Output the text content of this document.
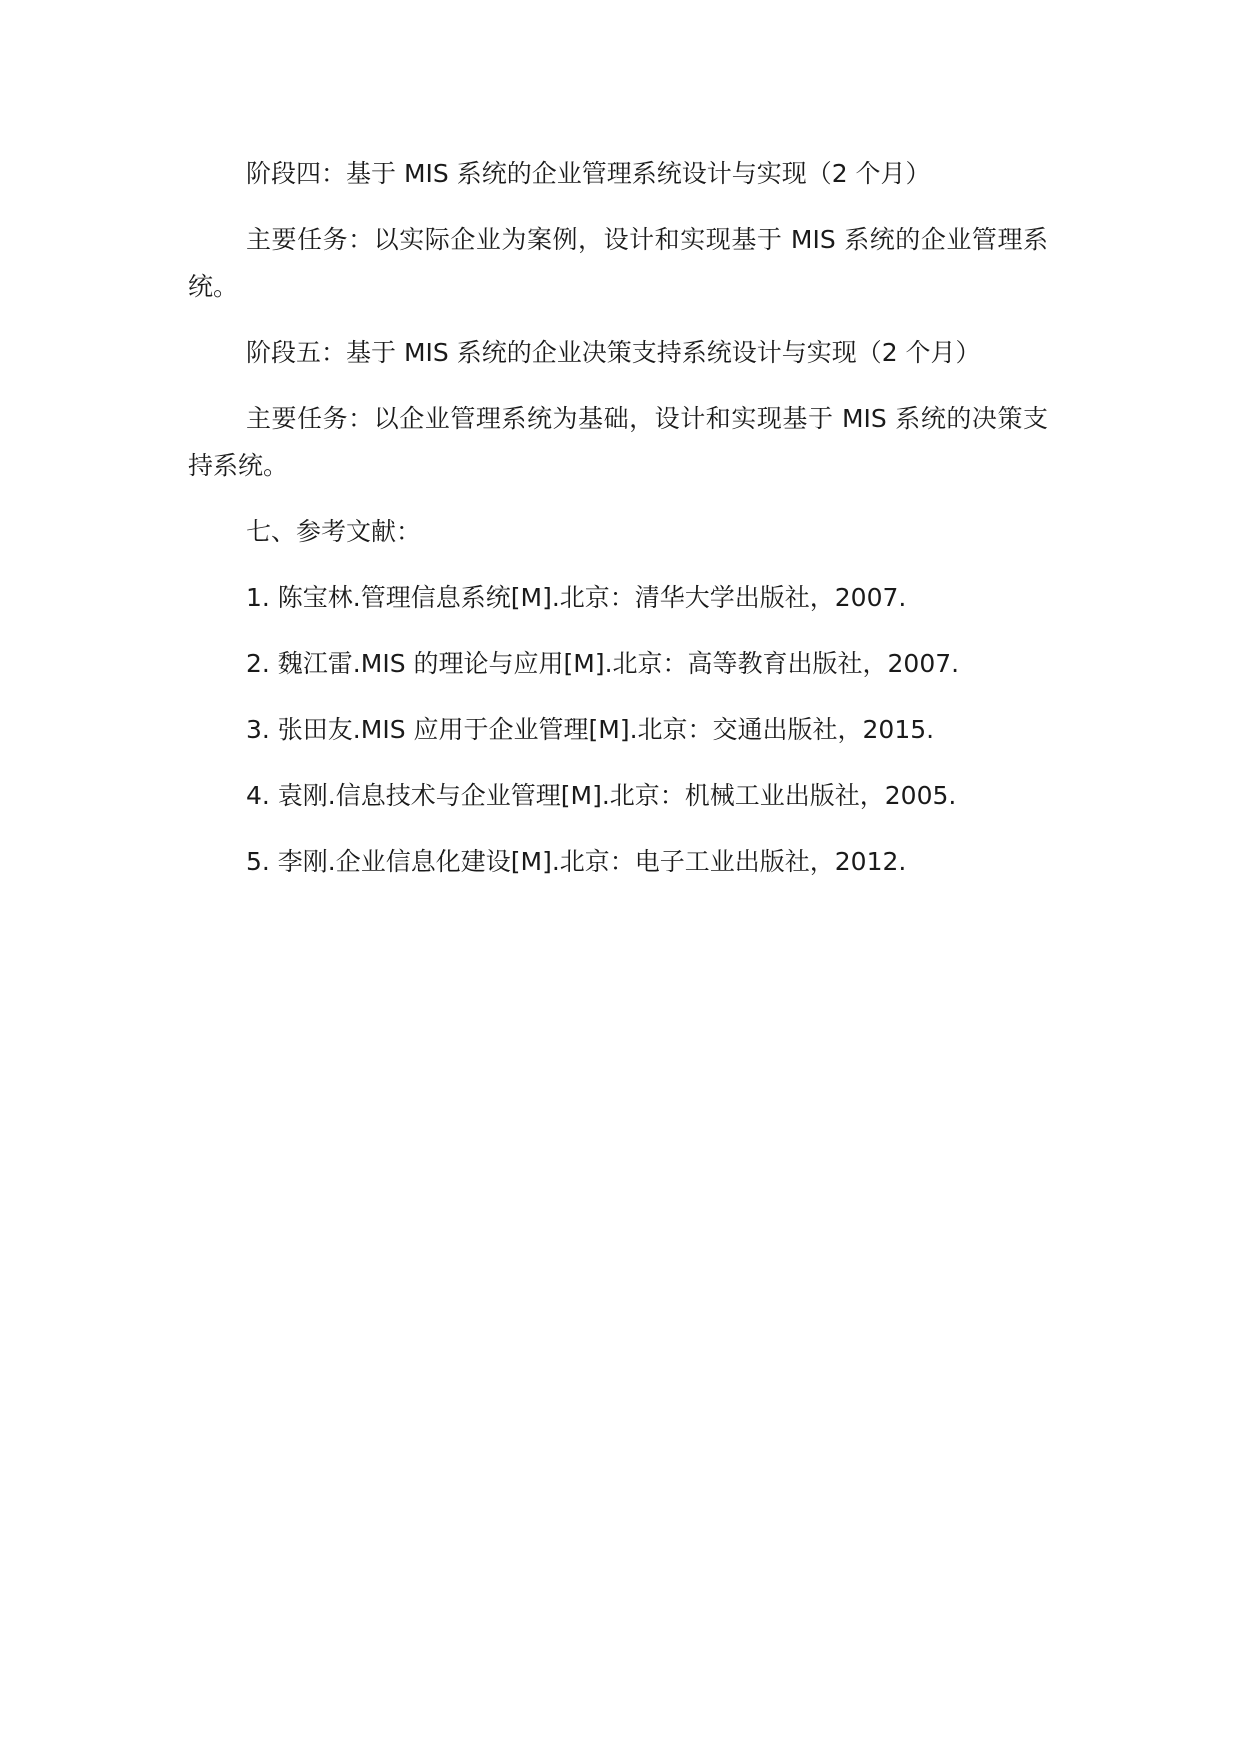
阶段四：基于 MIS 系统的企业管理系统设计与实现（2 个月）

主要任务：以实际企业为案例，设计和实现基于 MIS 系统的企业管理系统。

阶段五：基于 MIS 系统的企业决策支持系统设计与实现（2 个月）

主要任务：以企业管理系统为基础，设计和实现基于 MIS 系统的决策支持系统。

七、参考文献：

1. 陈宝林.管理信息系统[M].北京：清华大学出版社，2007.

2. 魏江雷.MIS 的理论与应用[M].北京：高等教育出版社，2007.

3. 张田友.MIS 应用于企业管理[M].北京：交通出版社，2015.

4. 袁刚.信息技术与企业管理[M].北京：机械工业出版社，2005.

5. 李刚.企业信息化建设[M].北京：电子工业出版社，2012.
